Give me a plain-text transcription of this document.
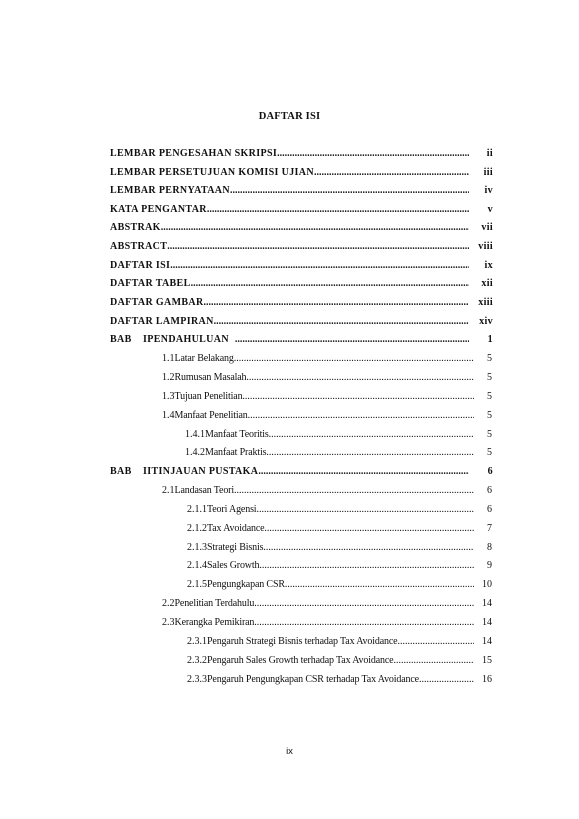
DAFTAR ISI
LEMBAR PENGESAHAN SKRIPSI .....	ii
LEMBAR PERSETUJUAN KOMISI UJIAN .....	iii
LEMBAR PERNYATAAN .....	iv
KATA PENGANTAR .....	v
ABSTRAK .....	vii
ABSTRACT .....	viii
DAFTAR ISI .....	ix
DAFTAR TABEL .....	xii
DAFTAR GAMBAR .....	xiii
DAFTAR LAMPIRAN .....	xiv
BAB    I PENDAHULUAN .....	1
1.1 Latar Belakang .....	5
1.2 Rumusan Masalah .....	5
1.3 Tujuan Penelitian .....	5
1.4 Manfaat Penelitian .....	5
1.4.1 Manfaat Teoritis .....	5
1.4.2 Manfaat Praktis .....	5
BAB    II TINJAUAN PUSTAKA .....	6
2.1 Landasan Teori .....	6
2.1.1 Teori Agensi .....	6
2.1.2 Tax Avoidance .....	7
2.1.3 Strategi Bisnis .....	8
2.1.4 Sales Growth .....	9
2.1.5 Pengungkapan CSR .....	10
2.2 Penelitian Terdahulu .....	14
2.3 Kerangka Pemikiran .....	14
2.3.1 Pengaruh Strategi Bisnis terhadap Tax Avoidance .....	14
2.3.2 Pengaruh Sales Growth terhadap Tax Avoidance .....	15
2.3.3 Pengaruh Pengungkapan CSR terhadap Tax Avoidance .....	16
ix
